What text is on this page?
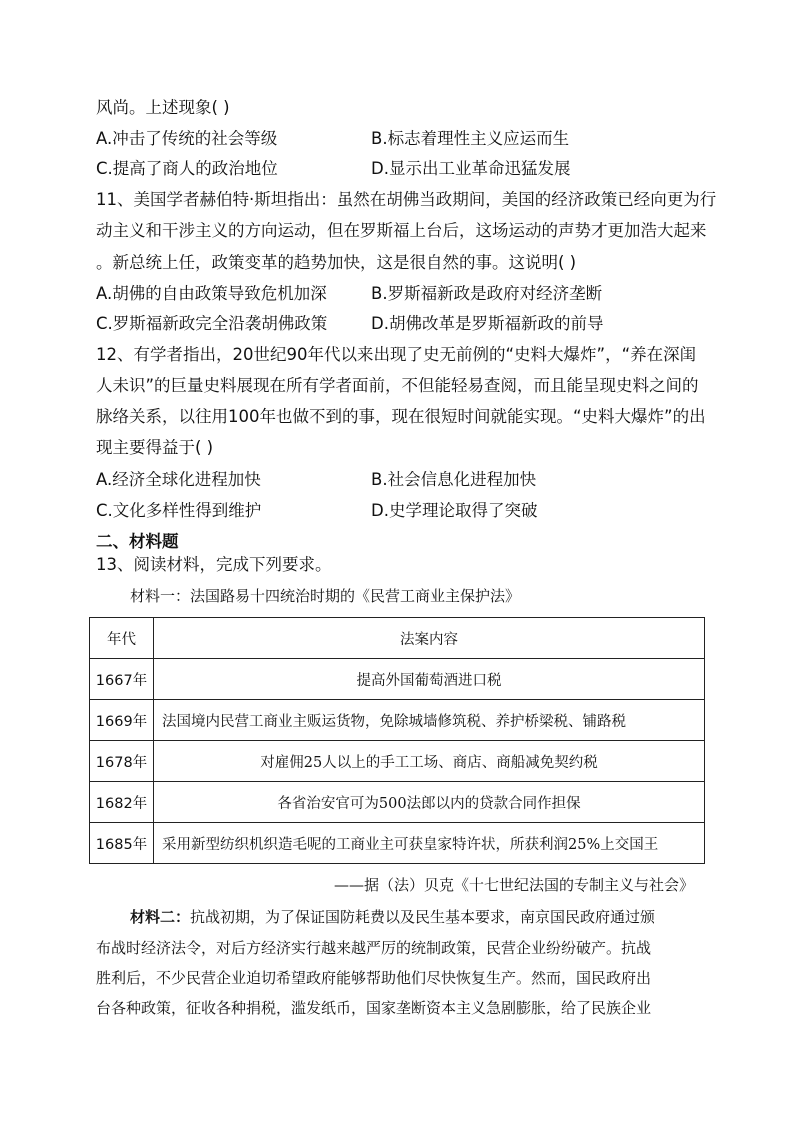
风尚。上述现象( )
A.冲击了传统的社会等级	B.标志着理性主义应运而生
C.提高了商人的政治地位	D.显示出工业革命迅猛发展
11、美国学者赫伯特·斯坦指出：虽然在胡佛当政期间，美国的经济政策已经向更为行
动主义和干涉主义的方向运动，但在罗斯福上台后，这场运动的声势才更加浩大起来
。新总统上任，政策变革的趋势加快，这是很自然的事。这说明( )
A.胡佛的自由政策导致危机加深	B.罗斯福新政是政府对经济垄断
C.罗斯福新政完全沿袭胡佛政策	D.胡佛改革是罗斯福新政的前导
12、有学者指出，20世纪90年代以来出现了史无前例的“史料大爆炸”，“养在深闺
人未识”的巨量史料展现在所有学者面前，不但能轻易查阅，而且能呈现史料之间的
脉络关系，以往用100年也做不到的事，现在很短时间就能实现。“史料大爆炸”的出
现主要得益于( )
A.经济全球化进程加快	B.社会信息化进程加快
C.文化多样性得到维护	D.史学理论取得了突破
二、材料题
13、阅读材料，完成下列要求。
材料一：法国路易十四统治时期的《民营工商业主保护法》
年代	法案内容
1667年	提高外国葡萄酒进口税
1669年	法国境内民营工商业主贩运货物，免除城墙修筑税、养护桥梁税、铺路税
1678年	对雇佣25人以上的手工工场、商店、商船减免契约税
1682年	各省治安官可为500法郎以内的贷款合同作担保
1685年	采用新型纺织机织造毛呢的工商业主可获皇家特许状，所获利润25%上交国王
——据（法）贝克《十七世纪法国的专制主义与社会》
材料二：抗战初期，为了保证国防耗费以及民生基本要求，南京国民政府通过颁
布战时经济法令，对后方经济实行越来越严厉的统制政策，民营企业纷纷破产。抗战
胜利后，不少民营企业迫切希望政府能够帮助他们尽快恢复生产。然而，国民政府出
台各种政策，征收各种捐税，滥发纸币，国家垄断资本主义急剧膨胀，给了民族企业
